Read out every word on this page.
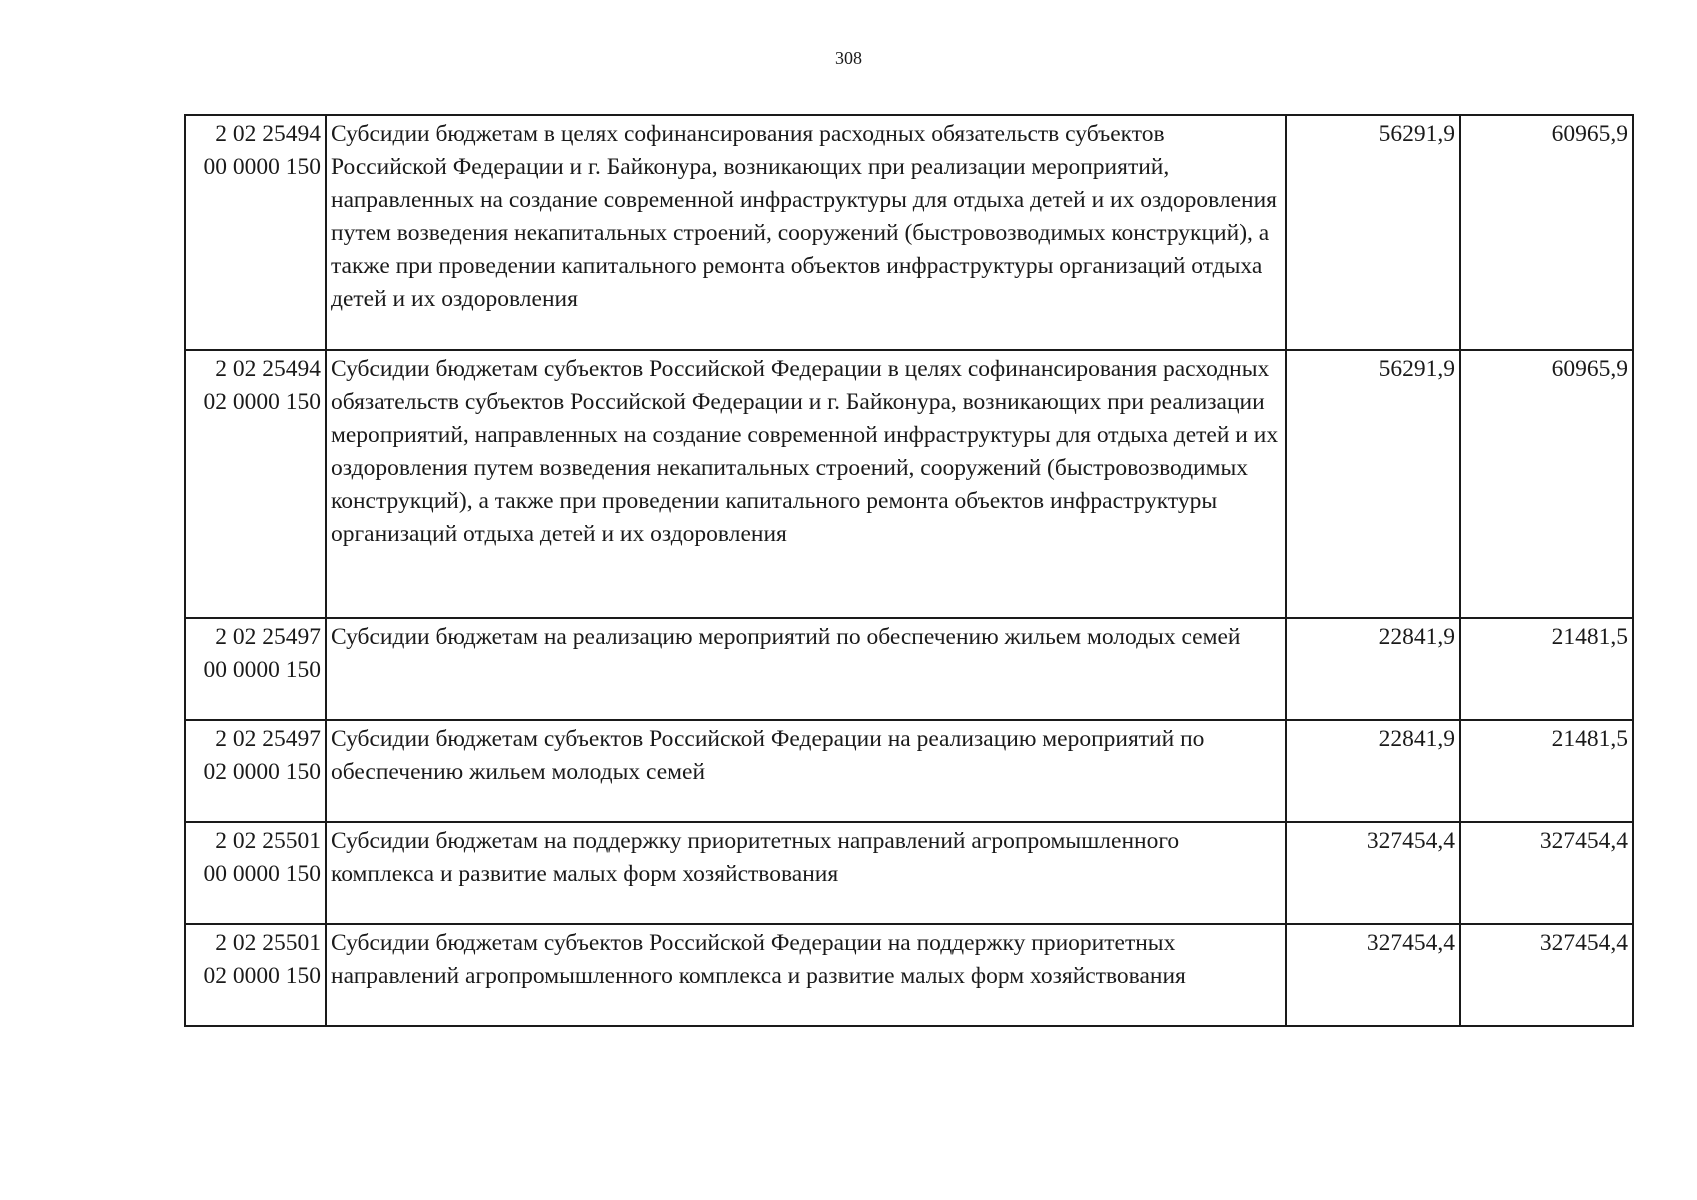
308
2 02 25494
00 0000 150	Субсидии бюджетам в целях софинансирования расходных обязательств субъектов Российской Федерации и г. Байконура, возникающих при реализации мероприятий, направленных на создание современной инфраструктуры для отдыха детей и их оздоровления путем возведения некапитальных строений, сооружений (быстровозводимых конструкций), а также при проведении капитального ремонта объектов инфраструктуры организаций отдыха детей и их оздоровления	56291,9	60965,9

2 02 25494
02 0000 150	Субсидии бюджетам субъектов Российской Федерации в целях софинансирования расходных обязательств субъектов Российской Федерации и г. Байконура, возникающих при реализации мероприятий, направленных на создание современной инфраструктуры для отдыха детей и их оздоровления путем возведения некапитальных строений, сооружений (быстровозводимых конструкций), а также при проведении капитального ремонта объектов инфраструктуры организаций отдыха детей и их оздоровления	56291,9	60965,9

2 02 25497
00 0000 150	Субсидии бюджетам на реализацию мероприятий по обеспечению жильем молодых семей	22841,9	21481,5

2 02 25497
02 0000 150	Субсидии бюджетам субъектов Российской Федерации на реализацию мероприятий по обеспечению жильем молодых семей	22841,9	21481,5

2 02 25501
00 0000 150	Субсидии бюджетам на поддержку приоритетных направлений агропромышленного комплекса и развитие малых форм хозяйствования	327454,4	327454,4

2 02 25501
02 0000 150	Субсидии бюджетам субъектов Российской Федерации на поддержку приоритетных направлений агропромышленного комплекса и развитие малых форм хозяйствования	327454,4	327454,4
